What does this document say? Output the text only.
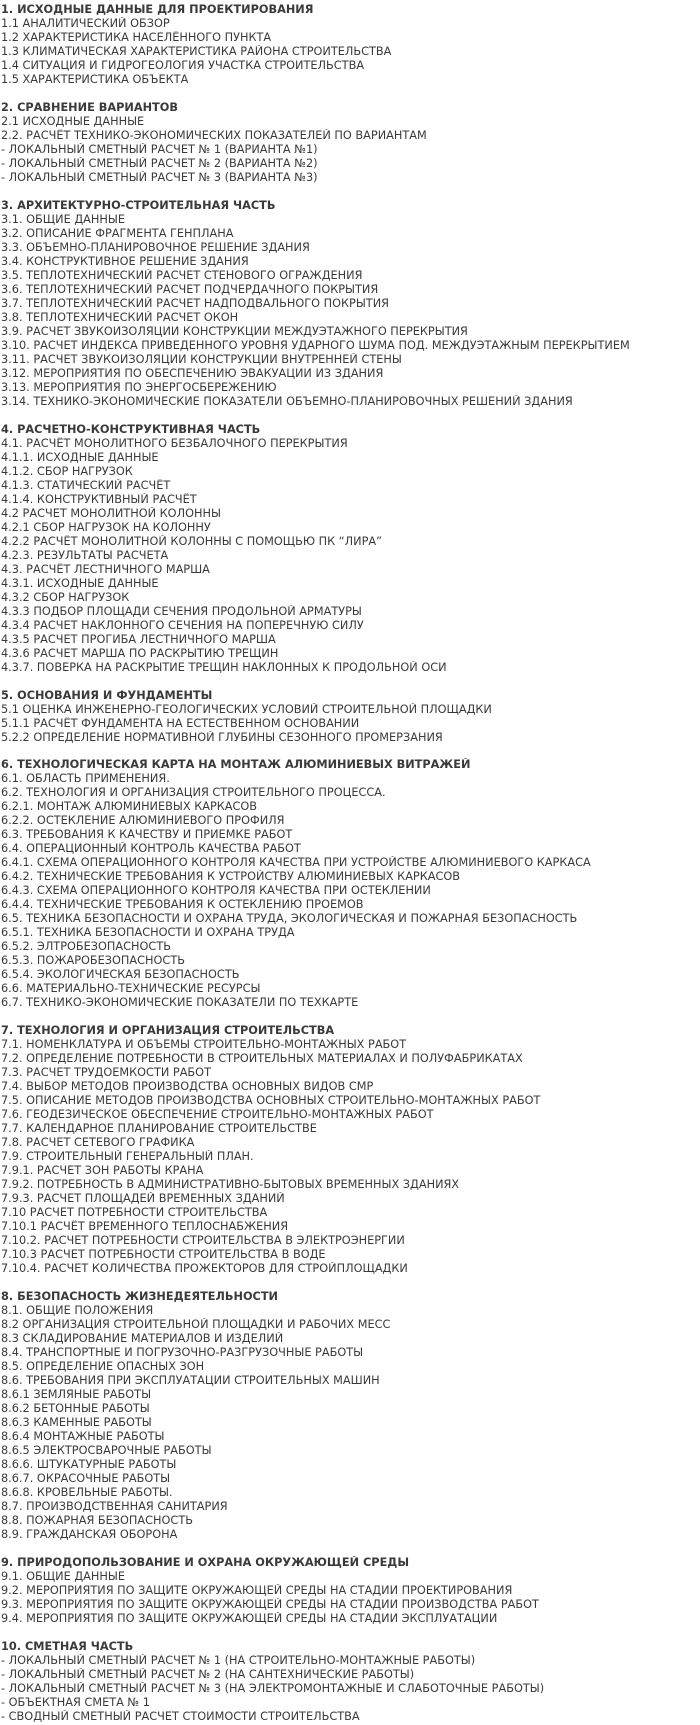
1. ИСХОДНЫЕ ДАННЫЕ ДЛЯ ПРОЕКТИРОВАНИЯ
1.1 АНАЛИТИЧЕСКИЙ ОБЗОР
1.2 ХАРАКТЕРИСТИКА НАСЕЛЁННОГО ПУНКТА
1.3 КЛИМАТИЧЕСКАЯ ХАРАКТЕРИСТИКА РАЙОНА СТРОИТЕЛЬСТВА
1.4 СИТУАЦИЯ И ГИДРОГЕОЛОГИЯ УЧАСТКА СТРОИТЕЛЬСТВА
1.5 ХАРАКТЕРИСТИКА ОБЪЕКТА
2. СРАВНЕНИЕ ВАРИАНТОВ
2.1 ИСХОДНЫЕ ДАННЫЕ
2.2. РАСЧЁТ ТЕХНИКО-ЭКОНОМИЧЕСКИХ ПОКАЗАТЕЛЕЙ ПО ВАРИАНТАМ
- ЛОКАЛЬНЫЙ СМЕТНЫЙ РАСЧЕТ № 1 (ВАРИАНТА №1)
- ЛОКАЛЬНЫЙ СМЕТНЫЙ РАСЧЕТ № 2 (ВАРИАНТА №2)
- ЛОКАЛЬНЫЙ СМЕТНЫЙ РАСЧЕТ № 3 (ВАРИАНТА №3)
3. АРХИТЕКТУРНО-СТРОИТЕЛЬНАЯ ЧАСТЬ
3.1. ОБЩИЕ ДАННЫЕ
3.2. ОПИСАНИЕ ФРАГМЕНТА ГЕНПЛАНА
3.3. ОБЪЕМНО-ПЛАНИРОВОЧНОЕ РЕШЕНИЕ ЗДАНИЯ
3.4. КОНСТРУКТИВНОЕ РЕШЕНИЕ ЗДАНИЯ
3.5. ТЕПЛОТЕХНИЧЕСКИЙ РАСЧЕТ СТЕНОВОГО ОГРАЖДЕНИЯ
3.6. ТЕПЛОТЕХНИЧЕСКИЙ РАСЧЕТ ПОДЧЕРДАЧНОГО ПОКРЫТИЯ
3.7. ТЕПЛОТЕХНИЧЕСКИЙ РАСЧЕТ НАДПОДВАЛЬНОГО ПОКРЫТИЯ
3.8. ТЕПЛОТЕХНИЧЕСКИЙ РАСЧЕТ ОКОН
3.9. РАСЧЕТ ЗВУКОИЗОЛЯЦИИ КОНСТРУКЦИИ МЕЖДУЭТАЖНОГО ПЕРЕКРЫТИЯ
3.10. РАСЧЕТ ИНДЕКСА ПРИВЕДЕННОГО УРОВНЯ УДАРНОГО ШУМА ПОД. МЕЖДУЭТАЖНЫМ ПЕРЕКРЫТИЕМ
3.11. РАСЧЕТ ЗВУКОИЗОЛЯЦИИ КОНСТРУКЦИИ ВНУТРЕННЕЙ СТЕНЫ
3.12. МЕРОПРИЯТИЯ ПО ОБЕСПЕЧЕНИЮ ЭВАКУАЦИИ ИЗ ЗДАНИЯ
3.13. МЕРОПРИЯТИЯ ПО ЭНЕРГОСБЕРЕЖЕНИЮ
3.14. ТЕХНИКО-ЭКОНОМИЧЕСКИЕ ПОКАЗАТЕЛИ ОБЪЕМНО-ПЛАНИРОВОЧНЫХ РЕШЕНИЙ ЗДАНИЯ
4. РАСЧЕТНО-КОНСТРУКТИВНАЯ ЧАСТЬ
4.1. РАСЧЁТ МОНОЛИТНОГО БЕЗБАЛОЧНОГО ПЕРЕКРЫТИЯ
4.1.1. ИСХОДНЫЕ ДАННЫЕ
4.1.2. СБОР НАГРУЗОК
4.1.3. СТАТИЧЕСКИЙ РАСЧЁТ
4.1.4. КОНСТРУКТИВНЫЙ РАСЧЁТ
4.2 РАСЧЕТ МОНОЛИТНОЙ КОЛОННЫ
4.2.1 СБОР НАГРУЗОК НА КОЛОННУ
4.2.2 РАСЧЁТ МОНОЛИТНОЙ КОЛОННЫ С ПОМОЩЬЮ ПК “ЛИРА”
4.2.3. РЕЗУЛЬТАТЫ РАСЧЕТА
4.3. РАСЧЁТ ЛЕСТНИЧНОГО МАРША
4.3.1. ИСХОДНЫЕ ДАННЫЕ
4.3.2 СБОР НАГРУЗОК
4.3.3 ПОДБОР ПЛОЩАДИ СЕЧЕНИЯ ПРОДОЛЬНОЙ АРМАТУРЫ
4.3.4 РАСЧЕТ НАКЛОННОГО СЕЧЕНИЯ НА ПОПЕРЕЧНУЮ СИЛУ
4.3.5 РАСЧЕТ ПРОГИБА ЛЕСТНИЧНОГО МАРША
4.3.6 РАСЧЕТ МАРША ПО РАСКРЫТИЮ ТРЕЩИН
4.3.7. ПОВЕРКА НА РАСКРЫТИЕ ТРЕЩИН НАКЛОННЫХ К ПРОДОЛЬНОЙ ОСИ
5. ОСНОВАНИЯ И ФУНДАМЕНТЫ
5.1 ОЦЕНКА ИНЖЕНЕРНО-ГЕОЛОГИЧЕСКИХ УСЛОВИЙ СТРОИТЕЛЬНОЙ ПЛОЩАДКИ
5.1.1 РАСЧЁТ ФУНДАМЕНТА НА ЕСТЕСТВЕННОМ ОСНОВАНИИ
5.2.2 ОПРЕДЕЛЕНИЕ НОРМАТИВНОЙ ГЛУБИНЫ СЕЗОННОГО ПРОМЕРЗАНИЯ
6. ТЕХНОЛОГИЧЕСКАЯ КАРТА НА МОНТАЖ АЛЮМИНИЕВЫХ ВИТРАЖЕЙ
6.1. ОБЛАСТЬ ПРИМЕНЕНИЯ.
6.2. ТЕХНОЛОГИЯ И ОРГАНИЗАЦИЯ СТРОИТЕЛЬНОГО ПРОЦЕССА.
6.2.1. МОНТАЖ АЛЮМИНИЕВЫХ КАРКАСОВ
6.2.2. ОСТЕКЛЕНИЕ АЛЮМИНИЕВОГО ПРОФИЛЯ
6.3. ТРЕБОВАНИЯ К КАЧЕСТВУ И ПРИЕМКЕ РАБОТ
6.4. ОПЕРАЦИОННЫЙ КОНТРОЛЬ КАЧЕСТВА РАБОТ
6.4.1. СХЕМА ОПЕРАЦИОННОГО КОНТРОЛЯ КАЧЕСТВА ПРИ УСТРОЙСТВЕ АЛЮМИНИЕВОГО КАРКАСА
6.4.2. ТЕХНИЧЕСКИЕ ТРЕБОВАНИЯ К УСТРОЙСТВУ АЛЮМИНИЕВЫХ КАРКАСОВ
6.4.3. СХЕМА ОПЕРАЦИОННОГО КОНТРОЛЯ КАЧЕСТВА ПРИ ОСТЕКЛЕНИИ
6.4.4. ТЕХНИЧЕСКИЕ ТРЕБОВАНИЯ К ОСТЕКЛЕНИЮ ПРОЕМОВ
6.5. ТЕХНИКА БЕЗОПАСНОСТИ И ОХРАНА ТРУДА, ЭКОЛОГИЧЕСКАЯ И ПОЖАРНАЯ БЕЗОПАСНОСТЬ
6.5.1. ТЕХНИКА БЕЗОПАСНОСТИ И ОХРАНА ТРУДА
6.5.2. ЭЛТРОБЕЗОПАСНОСТЬ
6.5.3. ПОЖАРОБЕЗОПАСНОСТЬ
6.5.4. ЭКОЛОГИЧЕСКАЯ БЕЗОПАСНОСТЬ
6.6. МАТЕРИАЛЬНО-ТЕХНИЧЕСКИЕ РЕСУРСЫ
6.7. ТЕХНИКО-ЭКОНОМИЧЕСКИЕ ПОКАЗАТЕЛИ ПО ТЕХКАРТЕ
7. ТЕХНОЛОГИЯ И ОРГАНИЗАЦИЯ СТРОИТЕЛЬСТВА
7.1. НОМЕНКЛАТУРА И ОБЪЕМЫ СТРОИТЕЛЬНО-МОНТАЖНЫХ РАБОТ
7.2. ОПРЕДЕЛЕНИЕ ПОТРЕБНОСТИ В СТРОИТЕЛЬНЫХ МАТЕРИАЛАХ И ПОЛУФАБРИКАТАХ
7.3. РАСЧЕТ ТРУДОЕМКОСТИ РАБОТ
7.4. ВЫБОР МЕТОДОВ ПРОИЗВОДСТВА ОСНОВНЫХ ВИДОВ СМР
7.5. ОПИСАНИЕ МЕТОДОВ ПРОИЗВОДСТВА ОСНОВНЫХ СТРОИТЕЛЬНО-МОНТАЖНЫХ РАБОТ
7.6. ГЕОДЕЗИЧЕСКОЕ ОБЕСПЕЧЕНИЕ СТРОИТЕЛЬНО-МОНТАЖНЫХ РАБОТ
7.7. КАЛЕНДАРНОЕ ПЛАНИРОВАНИЕ СТРОИТЕЛЬСТВЕ
7.8. РАСЧЕТ СЕТЕВОГО ГРАФИКА
7.9. СТРОИТЕЛЬНЫЙ ГЕНЕРАЛЬНЫЙ ПЛАН.
7.9.1. РАСЧЕТ ЗОН РАБОТЫ КРАНА
7.9.2. ПОТРЕБНОСТЬ В АДМИНИСТРАТИВНО-БЫТОВЫХ ВРЕМЕННЫХ ЗДАНИЯХ
7.9.3. РАСЧЕТ ПЛОЩАДЕЙ ВРЕМЕННЫХ ЗДАНИЙ
7.10 РАСЧЕТ ПОТРЕБНОСТИ СТРОИТЕЛЬСТВА
7.10.1 РАСЧЁТ ВРЕМЕННОГО ТЕПЛОСНАБЖЕНИЯ
7.10.2. РАСЧЕТ ПОТРЕБНОСТИ СТРОИТЕЛЬСТВА В ЭЛЕКТРОЭНЕРГИИ
7.10.3 РАСЧЕТ ПОТРЕБНОСТИ СТРОИТЕЛЬСТВА В ВОДЕ
7.10.4. РАСЧЕТ КОЛИЧЕСТВА ПРОЖЕКТОРОВ ДЛЯ СТРОЙПЛОЩАДКИ
8. БЕЗОПАСНОСТЬ ЖИЗНЕДЕЯТЕЛЬНОСТИ
8.1. ОБЩИЕ ПОЛОЖЕНИЯ
8.2 ОРГАНИЗАЦИЯ СТРОИТЕЛЬНОЙ ПЛОЩАДКИ И РАБОЧИХ МЕСС
8.3 СКЛАДИРОВАНИЕ МАТЕРИАЛОВ И ИЗДЕЛИЙ
8.4. ТРАНСПОРТНЫЕ И ПОГРУЗОЧНО-РАЗГРУЗОЧНЫЕ РАБОТЫ
8.5. ОПРЕДЕЛЕНИЕ ОПАСНЫХ ЗОН
8.6. ТРЕБОВАНИЯ ПРИ ЭКСПЛУАТАЦИИ СТРОИТЕЛЬНЫХ МАШИН
8.6.1 ЗЕМЛЯНЫЕ РАБОТЫ
8.6.2 БЕТОННЫЕ РАБОТЫ
8.6.3 КАМЕННЫЕ РАБОТЫ
8.6.4 МОНТАЖНЫЕ РАБОТЫ
8.6.5 ЭЛЕКТРОСВАРОЧНЫЕ РАБОТЫ
8.6.6. ШТУКАТУРНЫЕ РАБОТЫ
8.6.7. ОКРАСОЧНЫЕ РАБОТЫ
8.6.8. КРОВЕЛЬНЫЕ РАБОТЫ.
8.7. ПРОИЗВОДСТВЕННАЯ САНИТАРИЯ
8.8. ПОЖАРНАЯ БЕЗОПАСНОСТЬ
8.9. ГРАЖДАНСКАЯ ОБОРОНА
9. ПРИРОДОПОЛЬЗОВАНИЕ И ОХРАНА ОКРУЖАЮЩЕЙ СРЕДЫ
9.1. ОБЩИЕ ДАННЫЕ
9.2. МЕРОПРИЯТИЯ ПО ЗАЩИТЕ ОКРУЖАЮЩЕЙ СРЕДЫ НА СТАДИИ ПРОЕКТИРОВАНИЯ
9.3. МЕРОПРИЯТИЯ ПО ЗАЩИТЕ ОКРУЖАЮЩЕЙ СРЕДЫ НА СТАДИИ ПРОИЗВОДСТВА РАБОТ
9.4. МЕРОПРИЯТИЯ ПО ЗАЩИТЕ ОКРУЖАЮЩЕЙ СРЕДЫ НА СТАДИИ ЭКСПЛУАТАЦИИ
10. СМЕТНАЯ ЧАСТЬ
- ЛОКАЛЬНЫЙ СМЕТНЫЙ РАСЧЕТ № 1 (НА СТРОИТЕЛЬНО-МОНТАЖНЫЕ РАБОТЫ)
- ЛОКАЛЬНЫЙ СМЕТНЫЙ РАСЧЕТ № 2 (НА САНТЕХНИЧЕСКИЕ РАБОТЫ)
- ЛОКАЛЬНЫЙ СМЕТНЫЙ РАСЧЕТ № 3 (НА ЭЛЕКТРОМОНТАЖНЫЕ И СЛАБОТОЧНЫЕ РАБОТЫ)
- ОБЪЕКТНАЯ СМЕТА № 1
- СВОДНЫЙ СМЕТНЫЙ РАСЧЕТ СТОИМОСТИ СТРОИТЕЛЬСТВА
